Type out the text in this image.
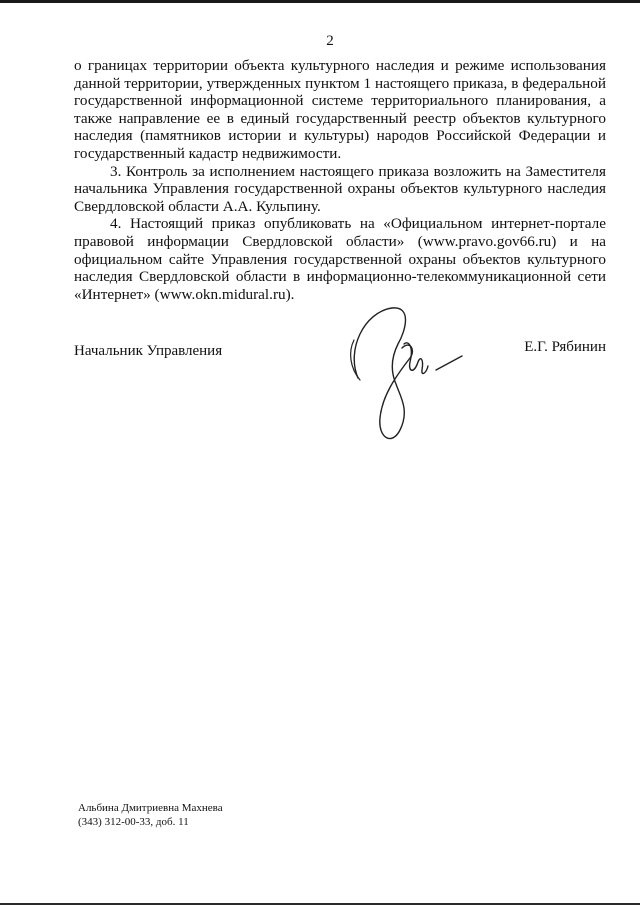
2

о границах территории объекта культурного наследия и режиме использования данной территории, утвержденных пунктом 1 настоящего приказа, в федеральной государственной информационной системе территориального планирования, а также направление ее в единый государственный реестр объектов культурного наследия (памятников истории и культуры) народов Российской Федерации и государственный кадастр недвижимости.

3. Контроль за исполнением настоящего приказа возложить на Заместителя начальника Управления государственной охраны объектов культурного наследия Свердловской области А.А. Кульпину.

4. Настоящий приказ опубликовать на «Официальном интернет-портале правовой информации Свердловской области» (www.pravo.gov66.ru) и на официальном сайте Управления государственной охраны объектов культурного наследия Свердловской области в информационно-телекоммуникационной сети «Интернет» (www.okn.midural.ru).

Начальник Управления	Е.Г. Рябинин
Альбина Дмитриевна Махнева
(343) 312-00-33, доб. 11
